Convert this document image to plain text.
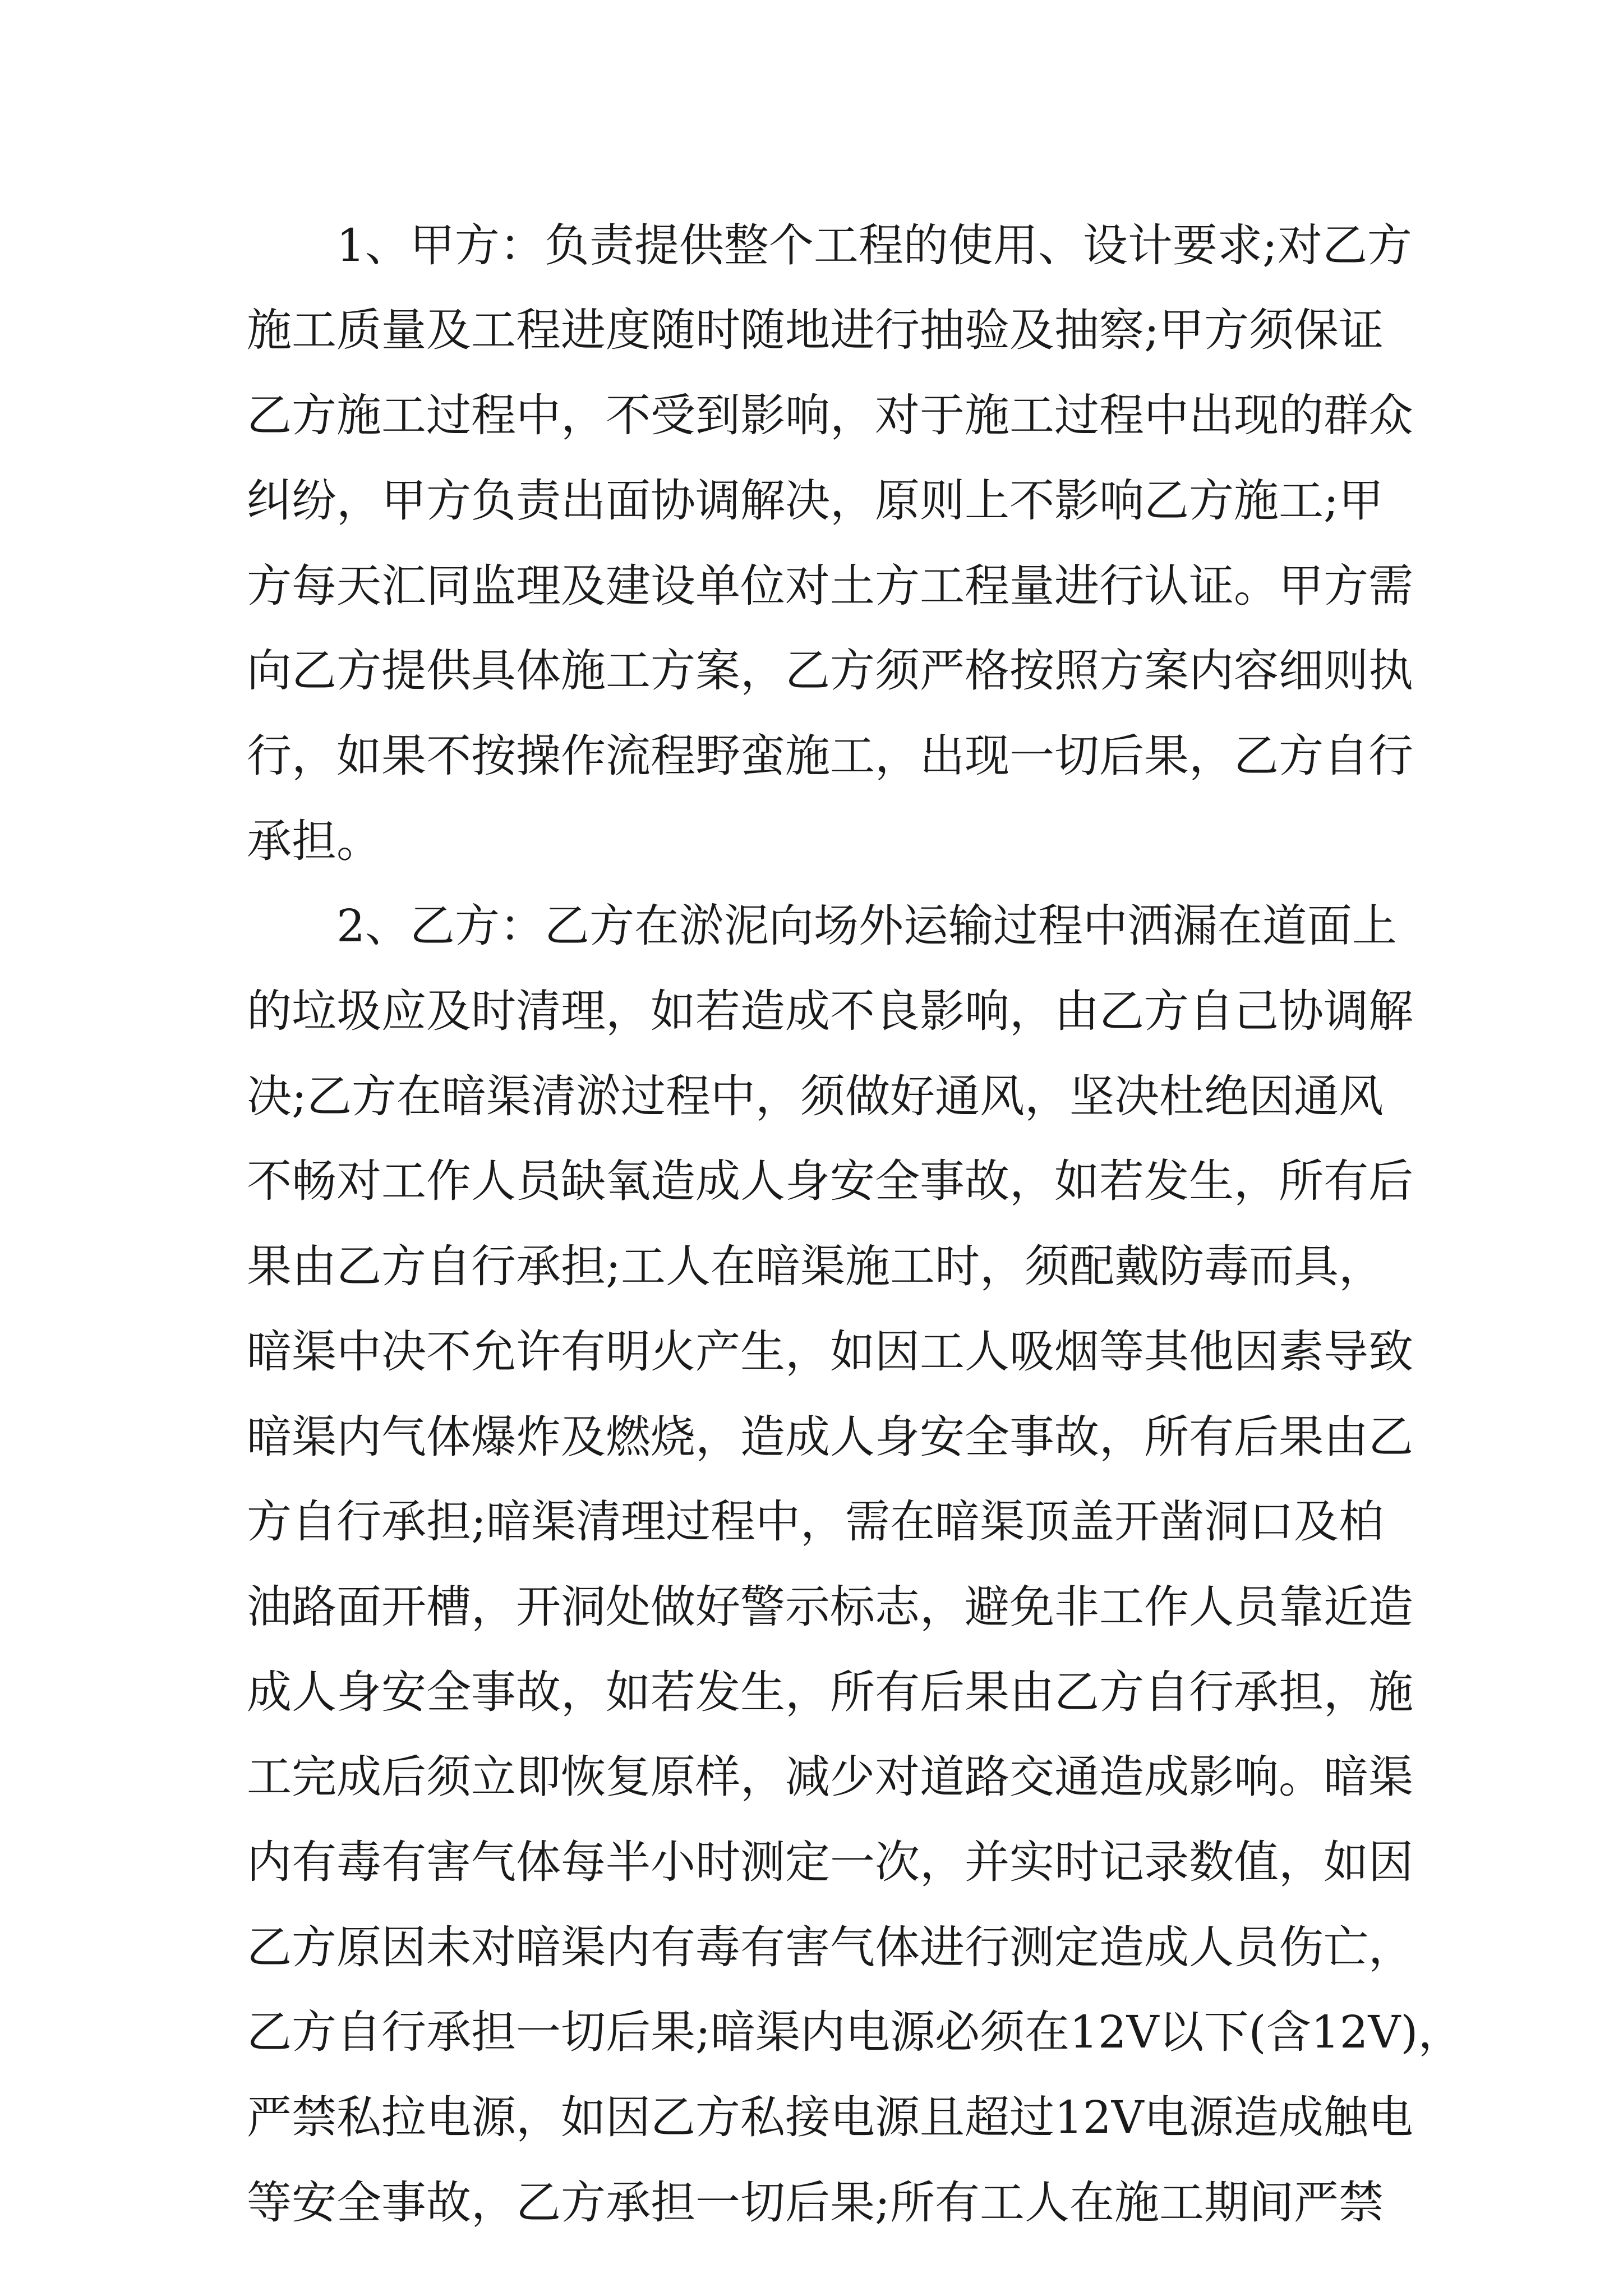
1、甲方：负责提供整个工程的使用、设计要求;对乙方
施工质量及工程进度随时随地进行抽验及抽察;甲方须保证
乙方施工过程中，不受到影响，对于施工过程中出现的群众
纠纷，甲方负责出面协调解决，原则上不影响乙方施工;甲
方每天汇同监理及建设单位对土方工程量进行认证。甲方需
向乙方提供具体施工方案，乙方须严格按照方案内容细则执
行，如果不按操作流程野蛮施工，出现一切后果，乙方自行
承担。
2、乙方：乙方在淤泥向场外运输过程中洒漏在道面上
的垃圾应及时清理，如若造成不良影响，由乙方自己协调解
决;乙方在暗渠清淤过程中，须做好通风，坚决杜绝因通风
不畅对工作人员缺氧造成人身安全事故，如若发生，所有后
果由乙方自行承担;工人在暗渠施工时，须配戴防毒而具，
暗渠中决不允许有明火产生，如因工人吸烟等其他因素导致
暗渠内气体爆炸及燃烧，造成人身安全事故，所有后果由乙
方自行承担;暗渠清理过程中，需在暗渠顶盖开凿洞口及柏
油路面开槽，开洞处做好警示标志，避免非工作人员靠近造
成人身安全事故，如若发生，所有后果由乙方自行承担，施
工完成后须立即恢复原样，减少对道路交通造成影响。暗渠
内有毒有害气体每半小时测定一次，并实时记录数值，如因
乙方原因未对暗渠内有毒有害气体进行测定造成人员伤亡，
乙方自行承担一切后果;暗渠内电源必须在12V以下(含12V)，
严禁私拉电源，如因乙方私接电源且超过12V电源造成触电
等安全事故，乙方承担一切后果;所有工人在施工期间严禁
